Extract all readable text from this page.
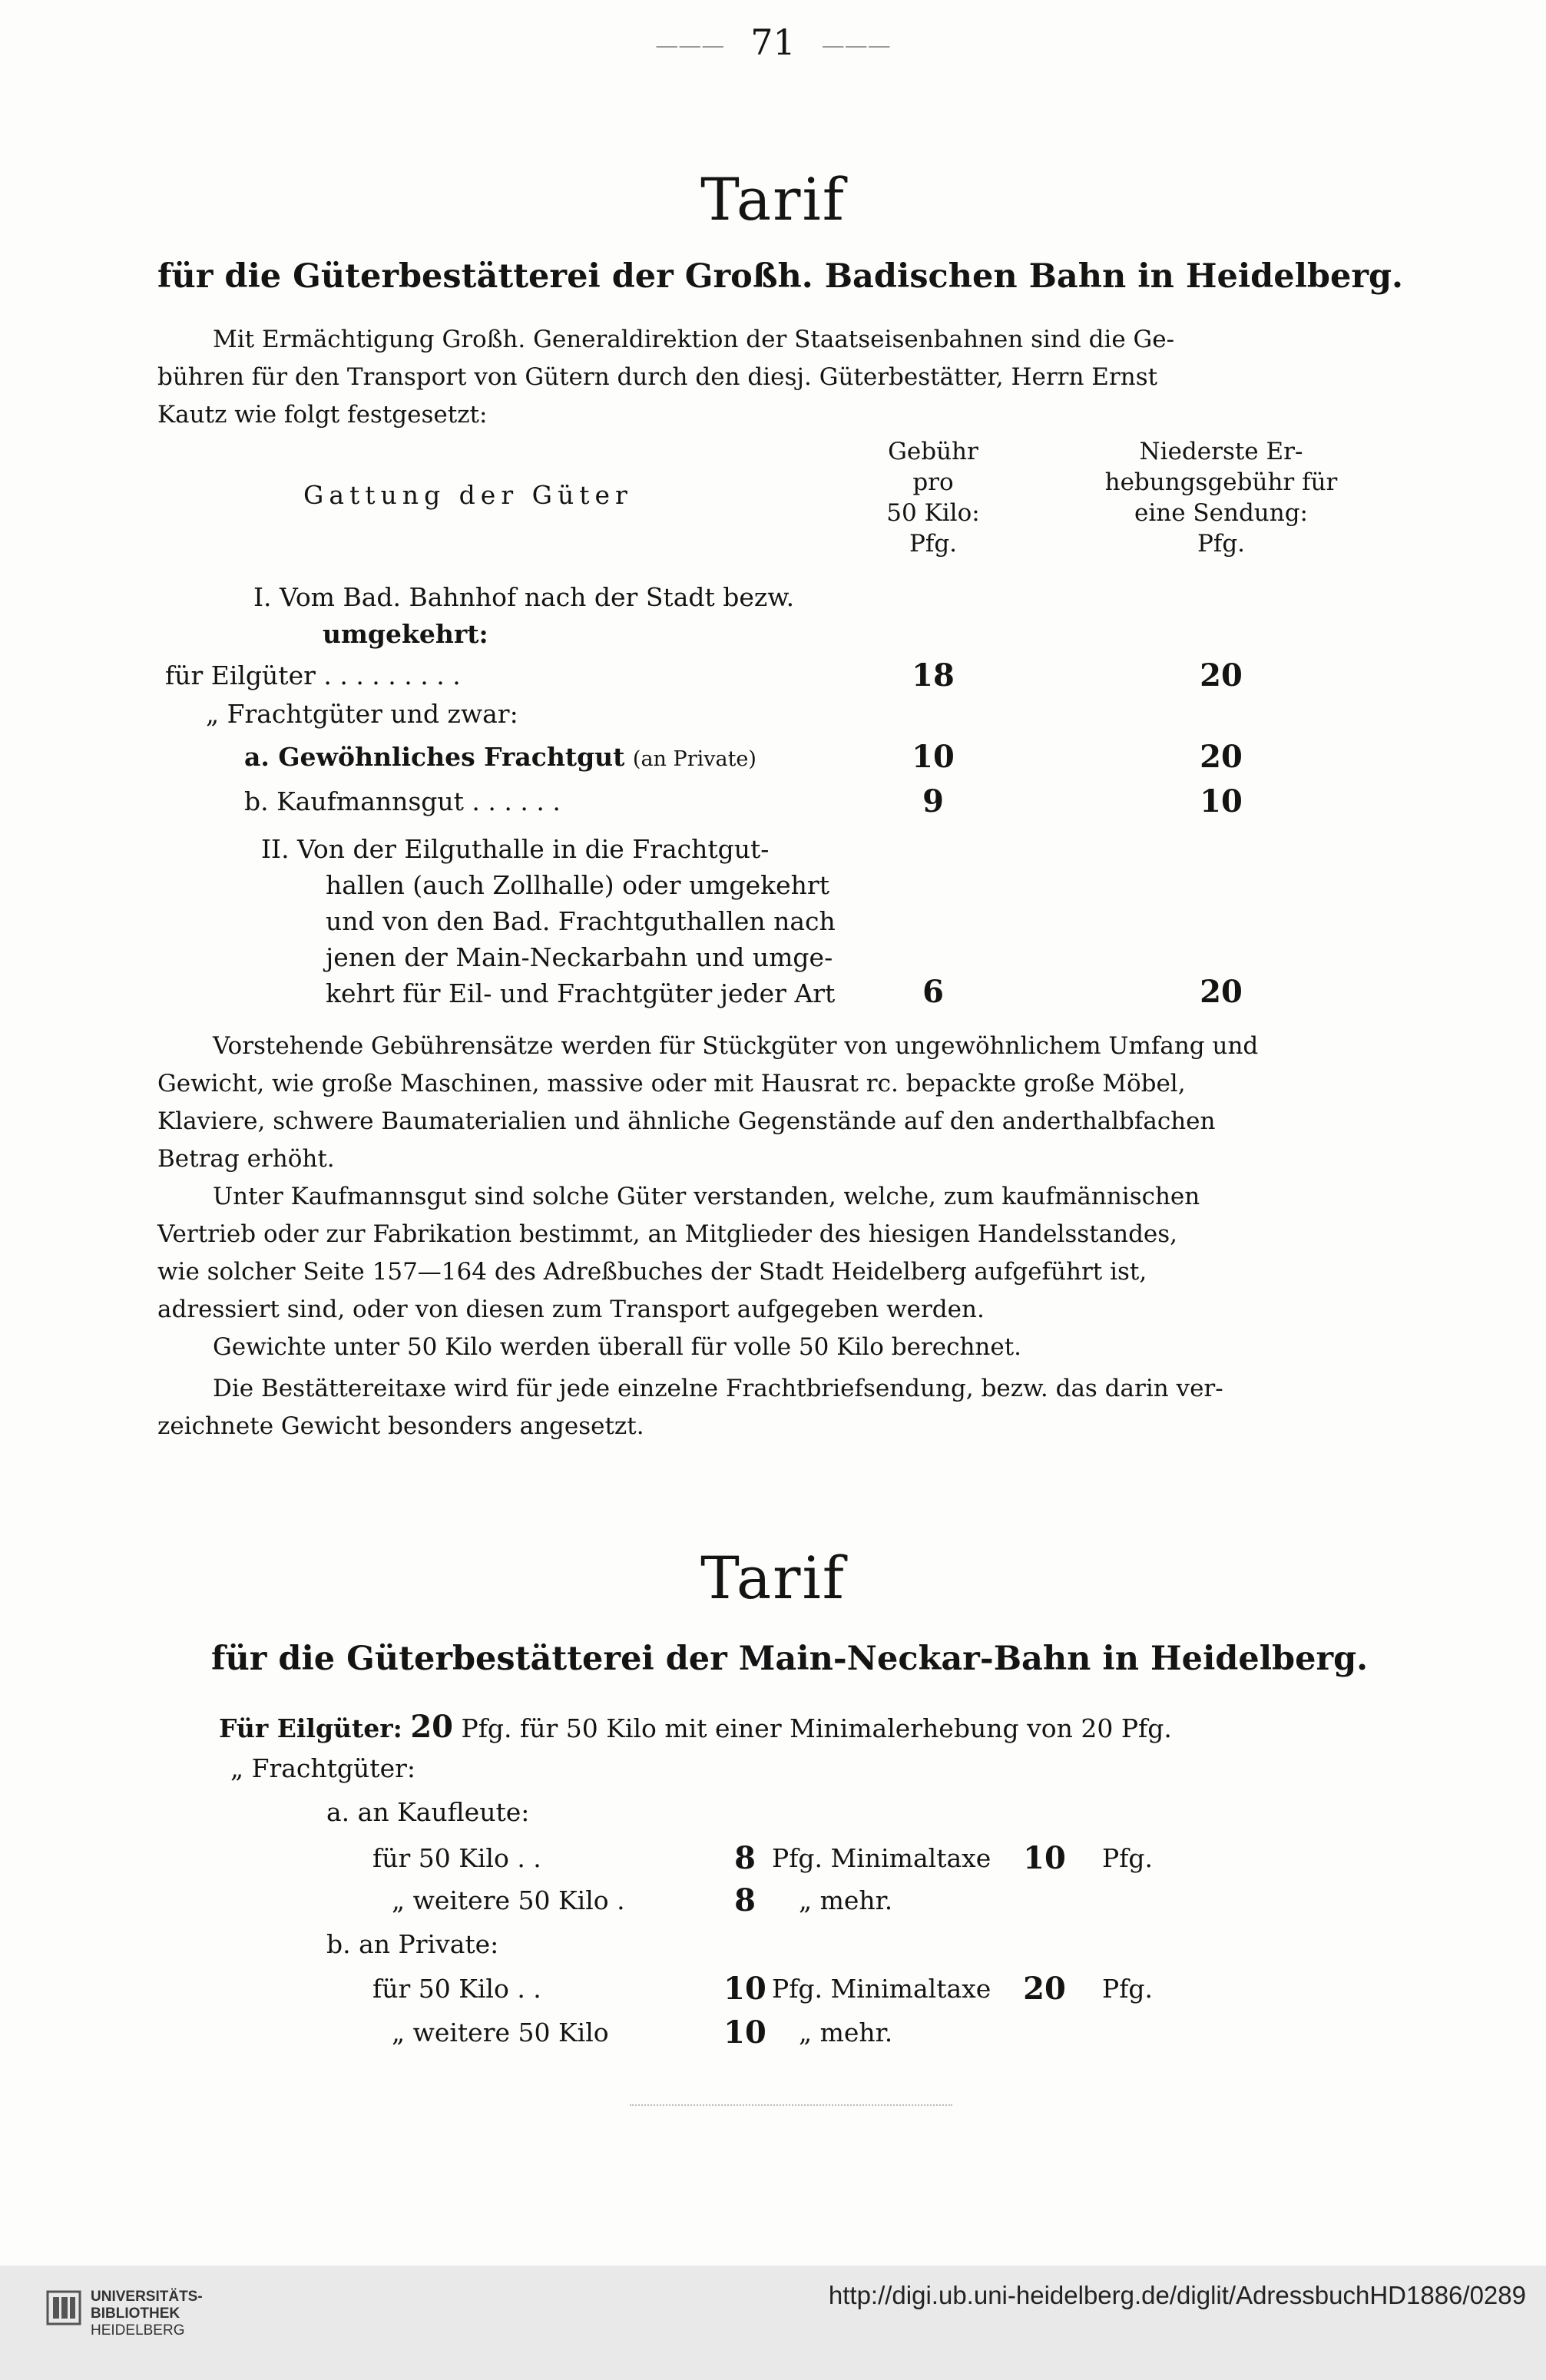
——— 71 ———
Tarif
für die Güterbestätterei der Großh. Badischen Bahn in Heidelberg.

Mit Ermächtigung Großh. Generaldirektion der Staatseisenbahnen sind die Ge-

bühren für den Transport von Gütern durch den diesj. Güterbestätter, Herrn Ernst

Kautz wie folgt festgesetzt:

Gattung der Güter
Gebühr
pro
50 Kilo:
Pfg.
Niederste Er-
hebungsgebühr für
eine Sendung:
Pfg.
I. Vom Bad. Bahnhof nach der Stadt bezw.
umgekehrt:
für Eilgüter . . . . . . . . .	18	20
„ Frachtgüter und zwar:
a. Gewöhnliches Frachtgut (an Private)	10	20
b. Kaufmannsgut . . . . . .	9	10
II. Von der Eilguthalle in die Frachtgut-
hallen (auch Zollhalle) oder umgekehrt
und von den Bad. Frachtguthallen nach
jenen der Main-Neckarbahn und umge-
kehrt für Eil- und Frachtgüter jeder Art	6	20

Vorstehende Gebührensätze werden für Stückgüter von ungewöhnlichem Umfang und

Gewicht, wie große Maschinen, massive oder mit Hausrat rc. bepackte große Möbel,

Klaviere, schwere Baumaterialien und ähnliche Gegenstände auf den anderthalbfachen

Betrag erhöht.

Unter Kaufmannsgut sind solche Güter verstanden, welche, zum kaufmännischen

Vertrieb oder zur Fabrikation bestimmt, an Mitglieder des hiesigen Handelsstandes,

wie solcher Seite 157—164 des Adreßbuches der Stadt Heidelberg aufgeführt ist,

adressiert sind, oder von diesen zum Transport aufgegeben werden.

Gewichte unter 50 Kilo werden überall für volle 50 Kilo berechnet.

Die Bestättereitaxe wird für jede einzelne Frachtbriefsendung, bezw. das darin ver-

zeichnete Gewicht besonders angesetzt.

Tarif
für die Güterbestätterei der Main-Neckar-Bahn in Heidelberg.
Für Eilgüter: 20 Pfg. für 50 Kilo mit einer Minimalerhebung von 20 Pfg.
„ Frachtgüter:
a. an Kaufleute:
für 50 Kilo . .	8 Pfg. Minimaltaxe	10	Pfg.
„ weitere 50 Kilo .	8	„ mehr.
b. an Private:
für 50 Kilo . .	10 Pfg. Minimaltaxe	20	Pfg.
„ weitere 50 Kilo	10	„ mehr.
UNIVERSITÄTS-
BIBLIOTHEK
HEIDELBERG
http://digi.ub.uni-heidelberg.de/diglit/AdressbuchHD1886/0289
